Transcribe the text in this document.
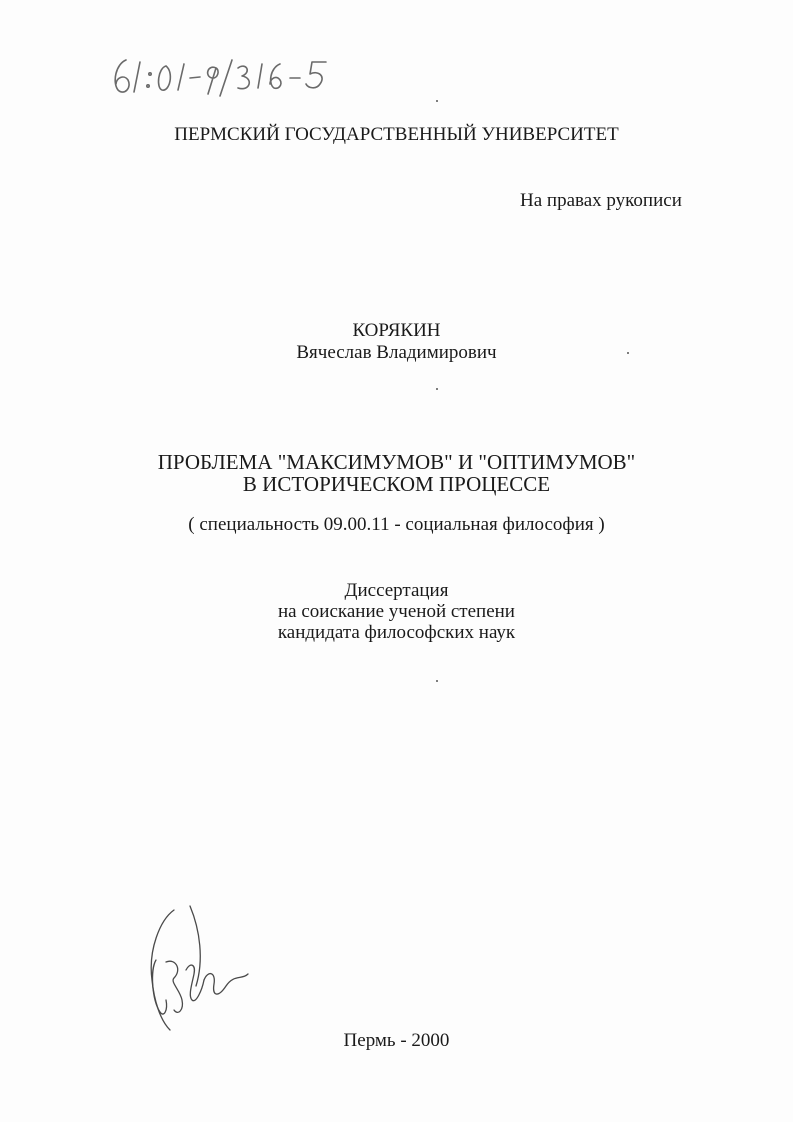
ПЕРМСКИЙ ГОСУДАРСТВЕННЫЙ УНИВЕРСИТЕТ
На правах рукописи
КОРЯКИН
Вячеслав Владимирович
ПРОБЛЕМА "МАКСИМУМОВ" И "ОПТИМУМОВ"
В ИСТОРИЧЕСКОМ ПРОЦЕССЕ
( специальность 09.00.11 - социальная философия )
Диссертация
на соискание ученой степени
кандидата философских наук
Пермь - 2000
